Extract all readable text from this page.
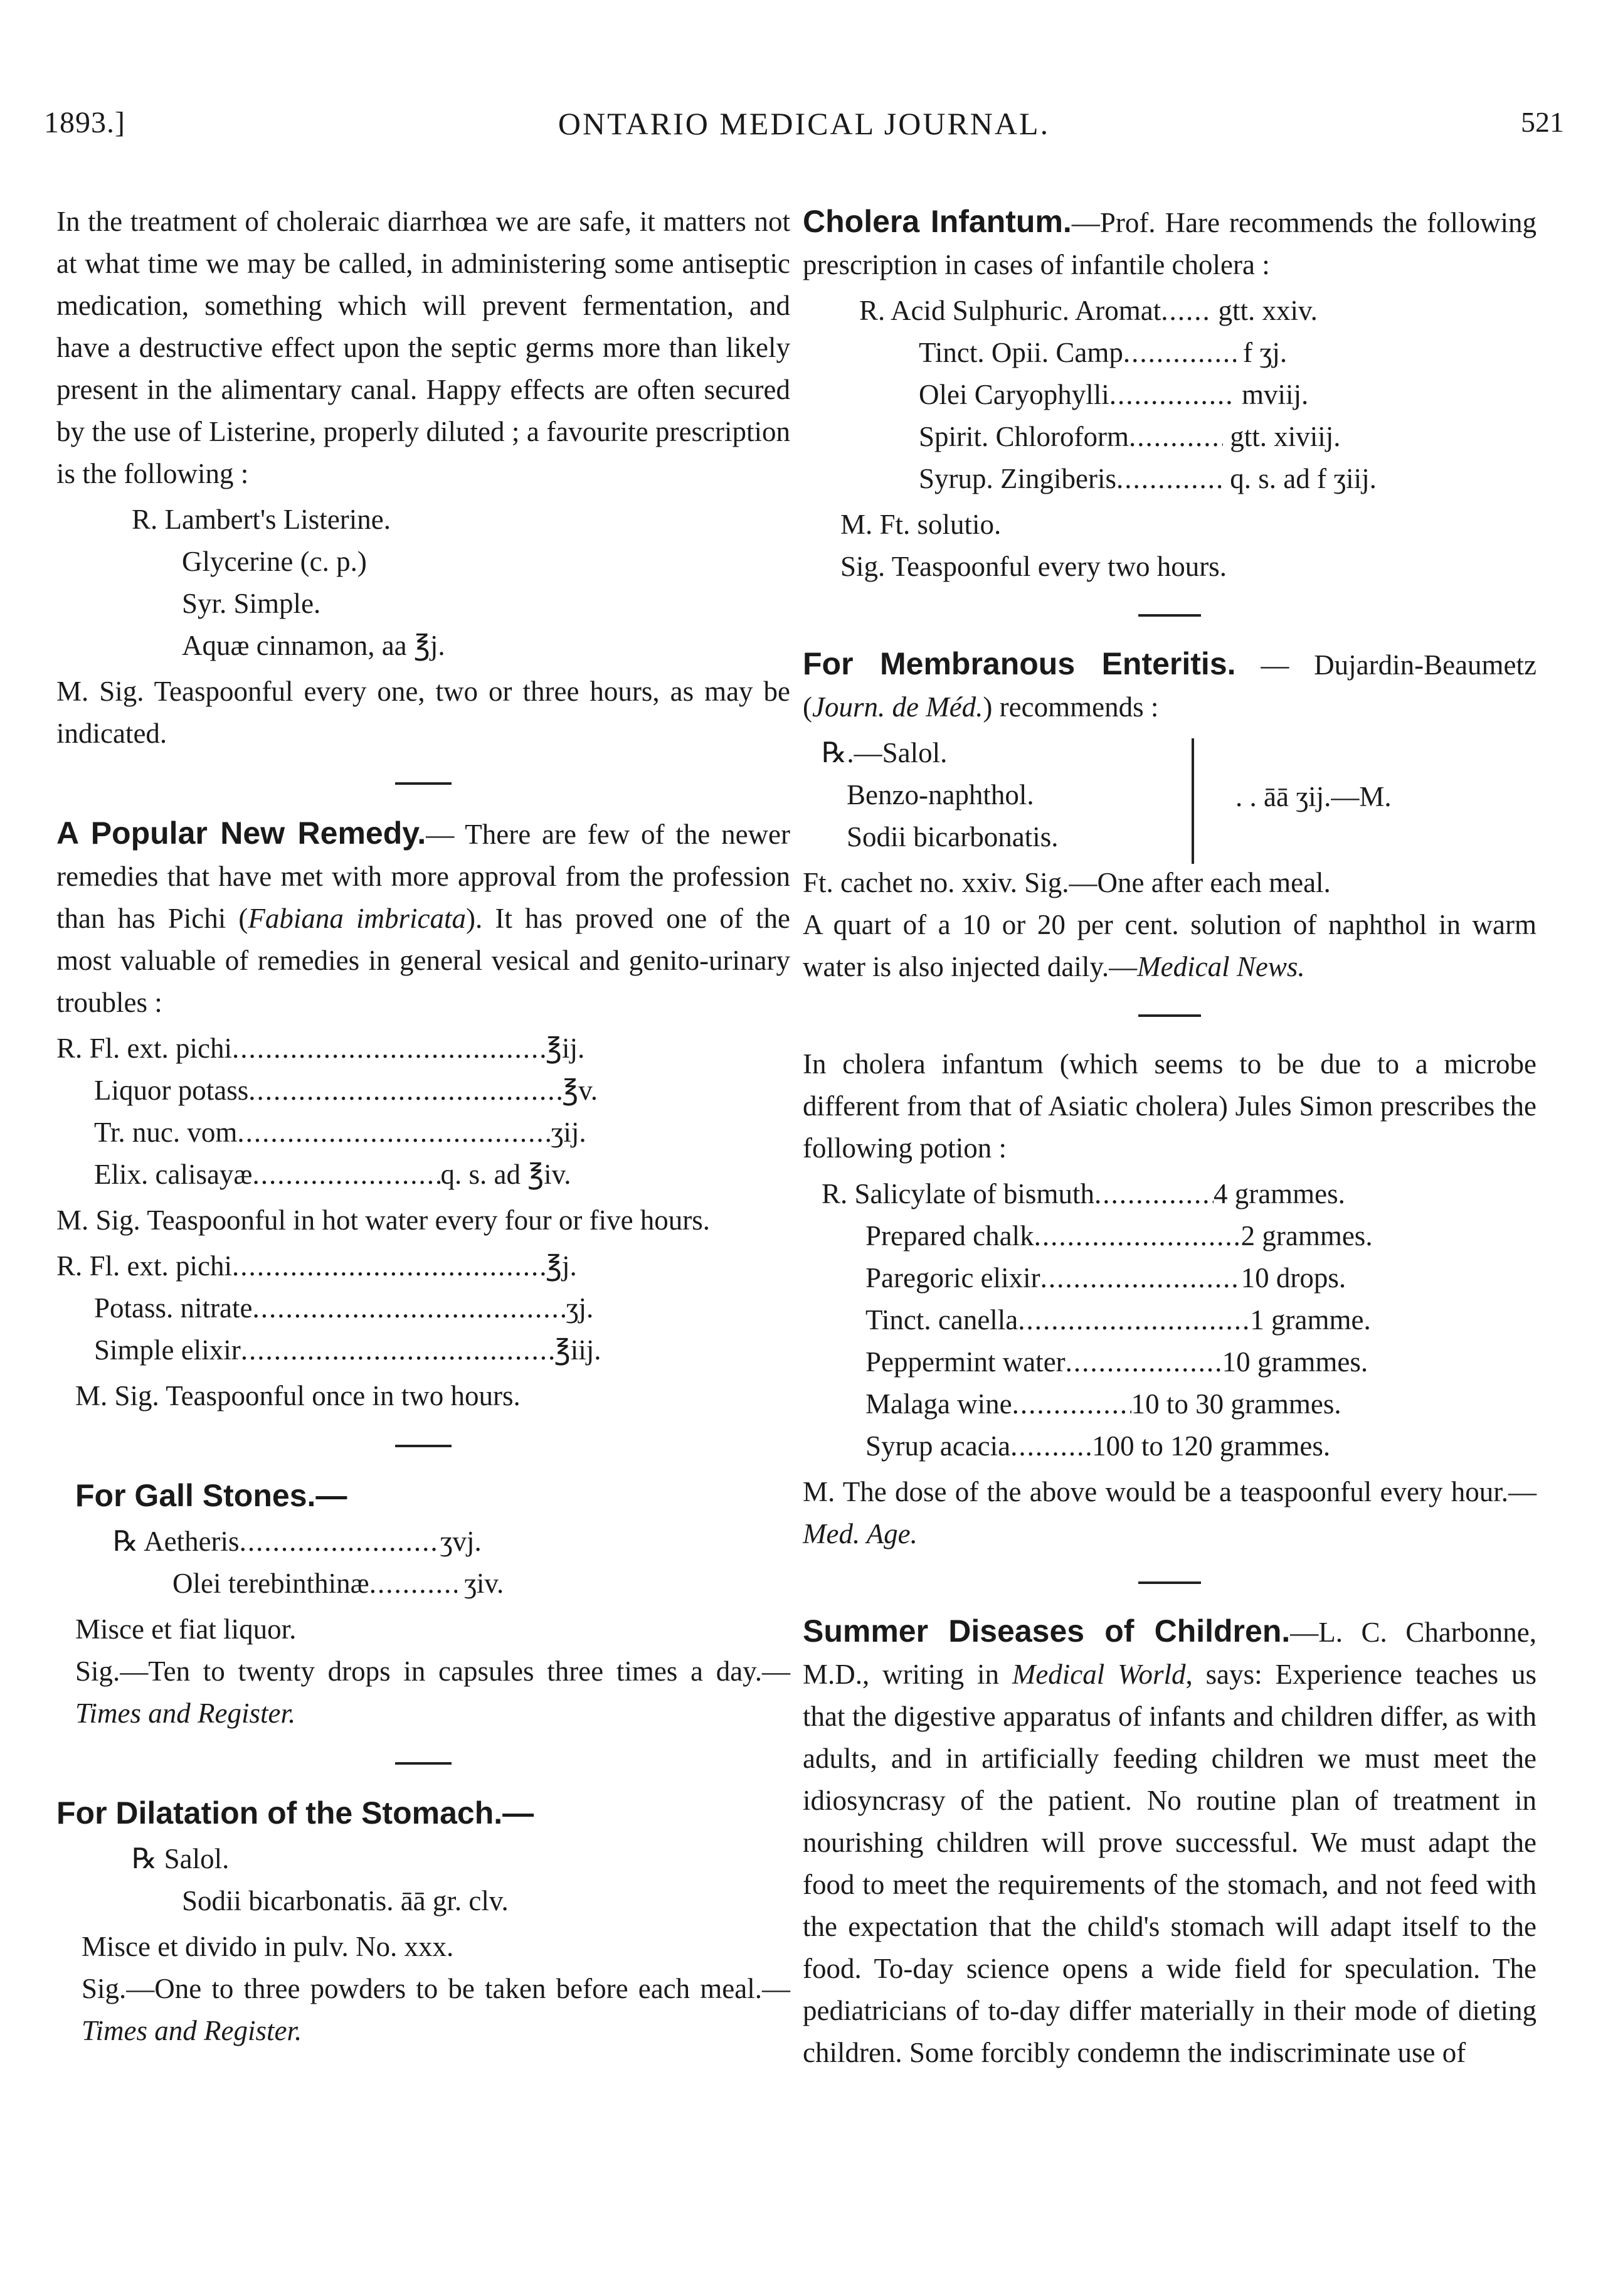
1893.]	ONTARIO MEDICAL JOURNAL.	521

In the treatment of choleraic diarrhœa we are safe, it matters not at what time we may be called, in administering some antiseptic medication, something which will prevent fermentation, and have a destructive effect upon the septic germs more than likely present in the alimentary canal. Happy effects are often secured by the use of Listerine, properly diluted ; a favourite prescription is the following :

R. Lambert's Listerine.
Glycerine (c. p.)
Syr. Simple.
Aquæ cinnamon, aa ℥j.

M. Sig. Teaspoonful every one, two or three hours, as may be indicated.

A Popular New Remedy.— There are few of the newer remedies that have met with more approval from the profession than has Pichi (Fabiana imbricata). It has proved one of the most valuable of remedies in general vesical and genito-urinary troubles :

R. Fl. ext. pichi .....	℥ij.
Liquor potass .....	℥v.
Tr. nuc. vom .....	ʒij.
Elix. calisayæ .....	q. s. ad ℥iv.

M. Sig. Teaspoonful in hot water every four or five hours.

R. Fl. ext. pichi .....	℥j.
Potass. nitrate .....	ʒj.
Simple elixir .....	℥iij.

M. Sig. Teaspoonful once in two hours.

For Gall Stones.—

℞ Aetheris .....	ʒvj.
Olei terebinthinæ .....	ʒiv.

Misce et fiat liquor.

Sig.—Ten to twenty drops in capsules three times a day.—Times and Register.

For Dilatation of the Stomach.—

℞ Salol.
Sodii bicarbonatis. āā gr. clv.

Misce et divido in pulv. No. xxx.

Sig.—One to three powders to be taken before each meal.—Times and Register.

Cholera Infantum.—Prof. Hare recommends the following prescription in cases of infantile cholera :

R. Acid Sulphuric. Aromat ..... gtt. xxiv.
Tinct. Opii. Camp .....	f ʒj.
Olei Caryophylli .....	mviij.
Spirit. Chloroform .....	gtt. xiviij.
Syrup. Zingiberis .....	q. s. ad f ʒiij.

M. Ft. solutio.

Sig. Teaspoonful every two hours.

For Membranous Enteritis. — Dujardin-Beaumetz (Journ. de Méd.) recommends :

℞.—Salol.
Benzo-naphthol.
Sodii bicarbonatis.
. . āā ʒij.—M.

Ft. cachet no. xxiv. Sig.—One after each meal.

A quart of a 10 or 20 per cent. solution of naphthol in warm water is also injected daily.—Medical News.

In cholera infantum (which seems to be due to a microbe different from that of Asiatic cholera) Jules Simon prescribes the following potion :

R. Salicylate of bismuth .....	4 grammes.
Prepared chalk .....	2 grammes.
Paregoric elixir .....	10 drops.
Tinct. canella .....	1 gramme.
Peppermint water .....	10 grammes.
Malaga wine .....	10 to 30 grammes.
Syrup acacia .....	100 to 120 grammes.

M. The dose of the above would be a teaspoonful every hour.—Med. Age.

Summer Diseases of Children.—L. C. Charbonne, M.D., writing in Medical World, says: Experience teaches us that the digestive apparatus of infants and children differ, as with adults, and in artificially feeding children we must meet the idiosyncrasy of the patient. No routine plan of treatment in nourishing children will prove successful. We must adapt the food to meet the requirements of the stomach, and not feed with the expectation that the child's stomach will adapt itself to the food. To-day science opens a wide field for speculation. The pediatricians of to-day differ materially in their mode of dieting children. Some forcibly condemn the indiscriminate use of
